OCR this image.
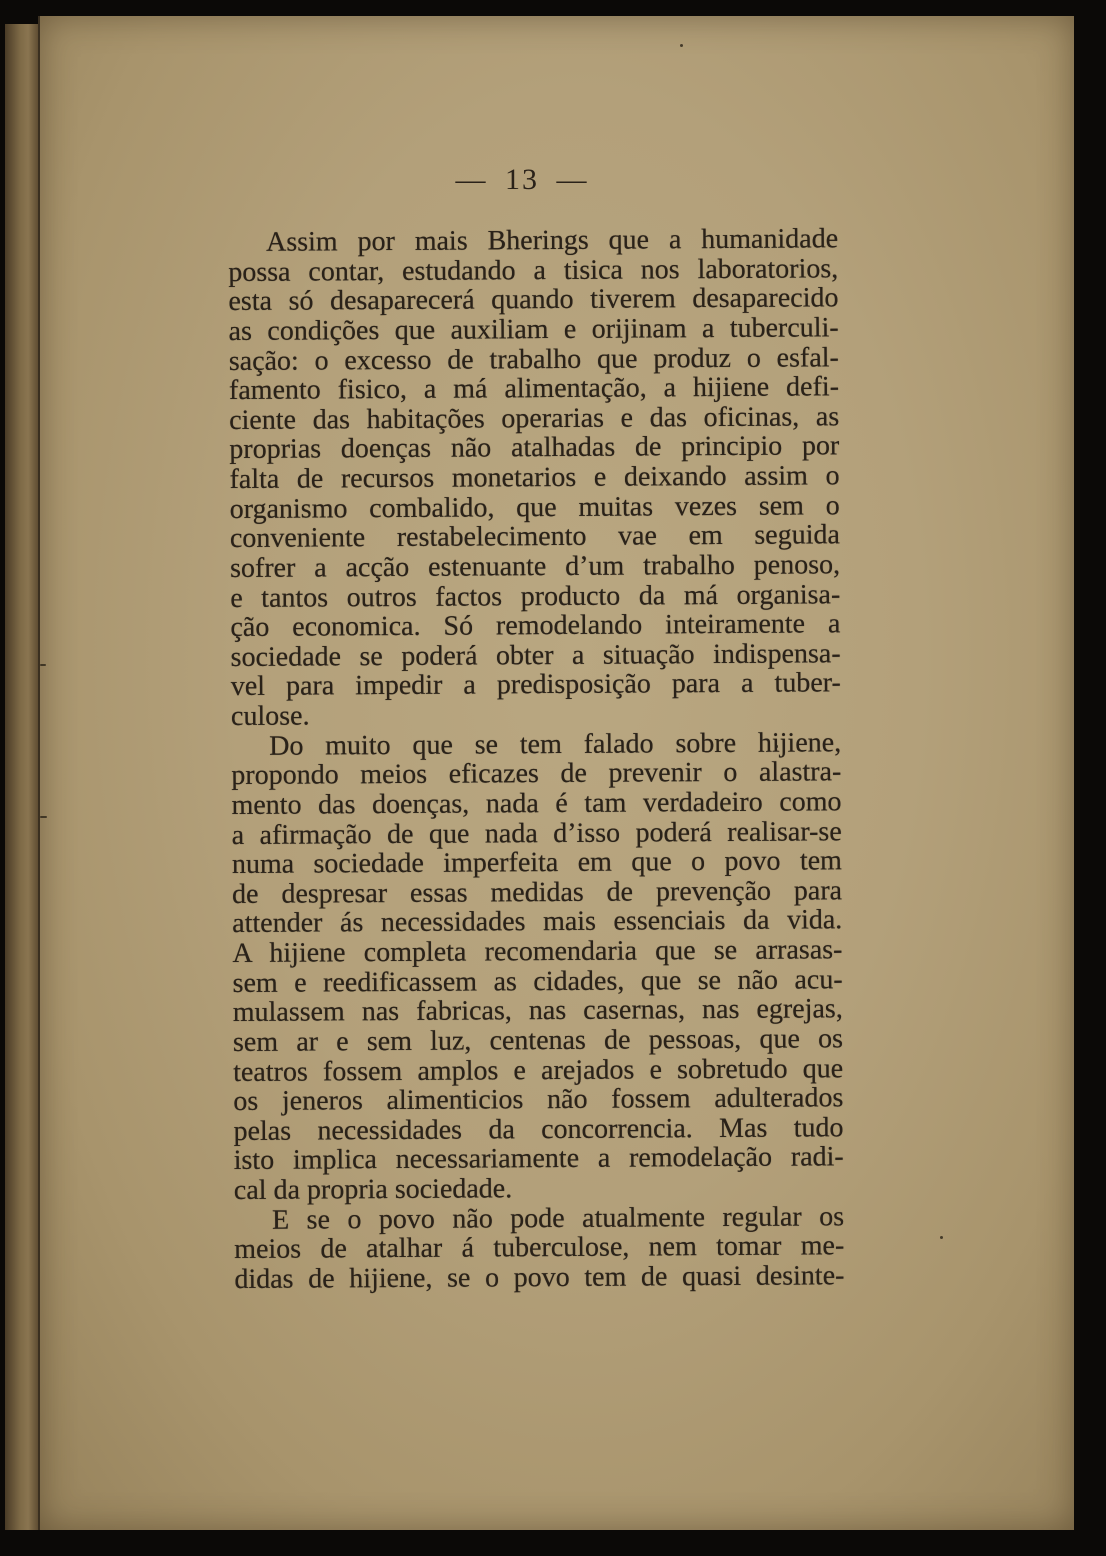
— 13 —
Assim por mais Bherings que a humanidade
possa contar, estudando a tisica nos laboratorios,
esta só desaparecerá quando tiverem desaparecido
as condições que auxiliam e orijinam a tuberculi-
sação: o excesso de trabalho que produz o esfal-
famento fisico, a má alimentação, a hijiene defi-
ciente das habitações operarias e das oficinas, as
proprias doenças não atalhadas de principio por
falta de recursos monetarios e deixando assim o
organismo combalido, que muitas vezes sem o
conveniente restabelecimento vae em seguida
sofrer a acção estenuante d’um trabalho penoso,
e tantos outros factos producto da má organisa-
ção economica. Só remodelando inteiramente a
sociedade se poderá obter a situação indispensa-
vel para impedir a predisposição para a tuber-
culose.
Do muito que se tem falado sobre hijiene,
propondo meios eficazes de prevenir o alastra-
mento das doenças, nada é tam verdadeiro como
a afirmação de que nada d’isso poderá realisar-se
numa sociedade imperfeita em que o povo tem
de despresar essas medidas de prevenção para
attender ás necessidades mais essenciais da vida.
A hijiene completa recomendaria que se arrasas-
sem e reedificassem as cidades, que se não acu-
mulassem nas fabricas, nas casernas, nas egrejas,
sem ar e sem luz, centenas de pessoas, que os
teatros fossem amplos e arejados e sobretudo que
os jeneros alimenticios não fossem adulterados
pelas necessidades da concorrencia. Mas tudo
isto implica necessariamente a remodelação radi-
cal da propria sociedade.
E se o povo não pode atualmente regular os
meios de atalhar á tuberculose, nem tomar me-
didas de hijiene, se o povo tem de quasi desinte-
